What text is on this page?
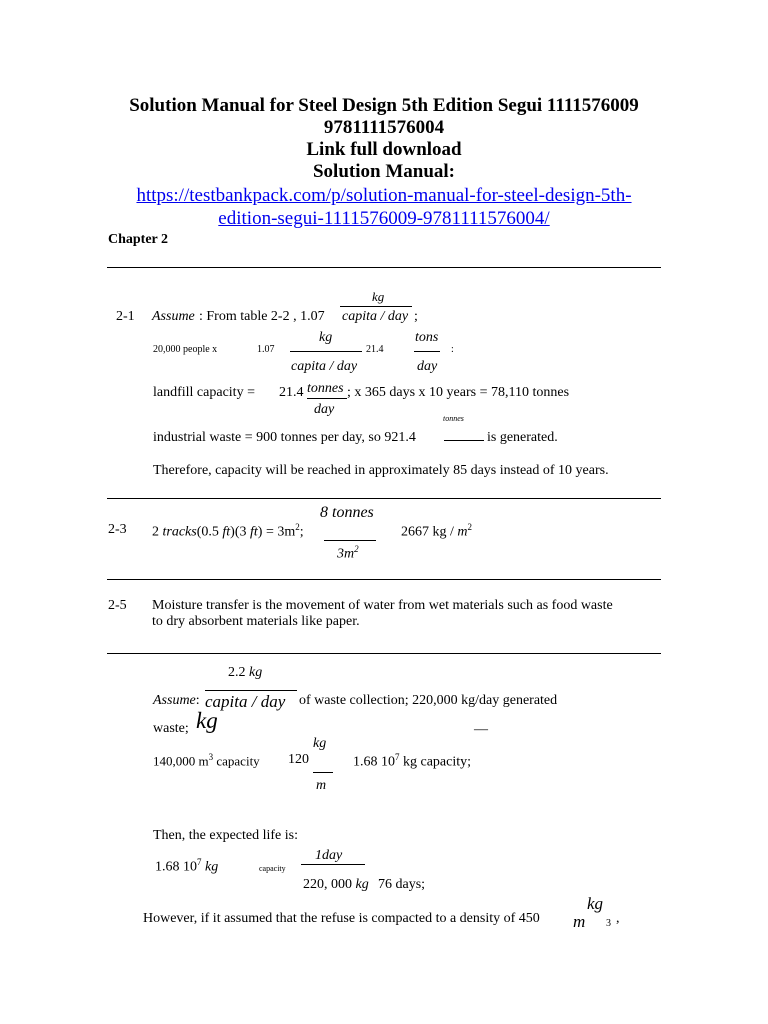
Solution Manual for Steel Design 5th Edition Segui 1111576009
9781111576004
Link full download
Solution Manual:
https://testbankpack.com/p/solution-manual-for-steel-design-5th-
edition-segui-1111576009-9781111576004/
Chapter 2
kg
2-1 Assume : From table 2-2 , 1.07 capita / day ;
kg	tons
20,000 people x	1.07	21.4	:
capita / day	day
landfill capacity = 21.4 tonnes ; x 365 days x 10 years = 78,110 tonnes
day
tonnes
industrial waste = 900 tonnes per day, so 921.4	is generated.
Therefore, capacity will be reached in approximately 85 days instead of 10 years.
8 tonnes
2-3 2 tracks(0.5 ft)(3 $ft) = 3m^2$;	2667 kg / $m^2$
$3m^2$
2-5 Moisture transfer is the movement of water from wet materials such as food waste
to dry absorbent materials like paper.
2.2 kg
Assume: capita / day of waste collection; 220,000 kg/day generated
waste; kg	—
kg
140,000 $m^3$ capacity 120	1.68 $10^7$ kg capacity;
m
Then, the expected life is:
1day
1.68 $10^7$ kg	capacity
220, 000 kg 76 days;
kg
However, if it assumed that the refuse is compacted to a density of 450 m 3 ,
